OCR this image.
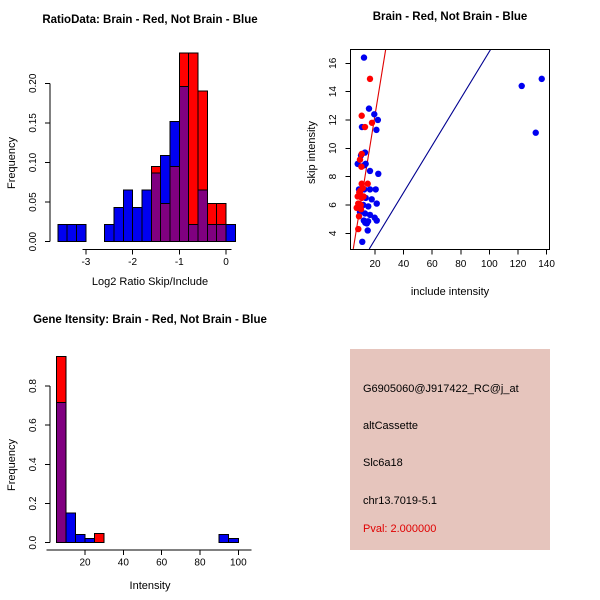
-3	-2	-1	0
0.00
0.05
0.10
0.15
0.20
RatioData: Brain - Red, Not Brain - Blue
Log2 Ratio Skip/Include
Frequency
20 40 60 80 100 120 140
4
6
8
10
12
14
16
Brain - Red, Not Brain - Blue
include intensity
skip intensity
20	40	60	80 100
0.0
0.2
0.4
0.6
0.8
Gene Itensity: Brain - Red, Not Brain - Blue
Intensity
Frequency
G6905060@J917422_RC@j_at
altCassette
Slc6a18
chr13.7019-5.1
Pval: 2.000000
